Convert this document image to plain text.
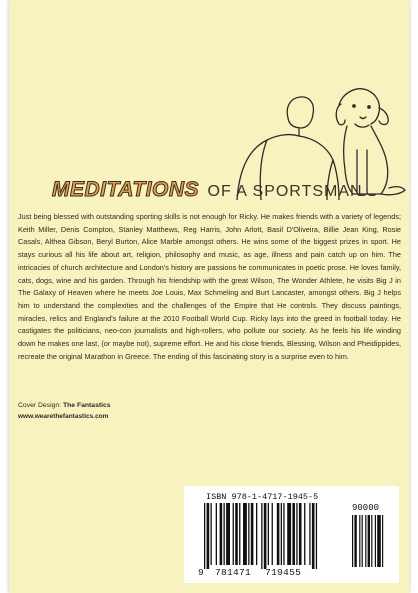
MEDITATIONS OF A SPORTSMAN

Just being blessed with outstanding sporting skills is not enough for Ricky. He makes friends with a variety of legends; Keith Miller, Denis Compton, Stanley Matthews, Reg Harris, John Arlott, Basil D'Oliveira, Billie Jean King, Rosie Casals, Althea Gibson, Beryl Burton, Alice Marble amongst others. He wins some of the biggest prizes in sport. He stays curious all his life about art, religion, philosophy and music, as age, illness and pain catch up on him. The intricacies of church architecture and London's history are passions he communicates in poetic prose. He loves family, cats, dogs, wine and his garden. Through his friendship with the great Wilson, The Wonder Athlete, he visits Big J in The Galaxy of Heaven where he meets Joe Louis, Max Schmeling and Burt Lancaster, amongst others. Big J helps him to understand the complexities and the challenges of the Empire that He controls. They discuss paintings, miracles, relics and England's failure at the 2010 Football World Cup. Ricky lays into the greed in football today. He castigates the politicians, neo-con journalists and high-rollers, who pollute our society. As he feels his life winding down he makes one last, (or maybe not), supreme effort. He and his close friends, Blessing, Wilson and Pheidippides, recreate the original Marathon in Greece. The ending of this fascinating story is a surprise even to him.

Cover Design: The Fantastics
www.wearethefantastics.com
ISBN 978-1-4717-1945-5
90000
9 781471 719455
